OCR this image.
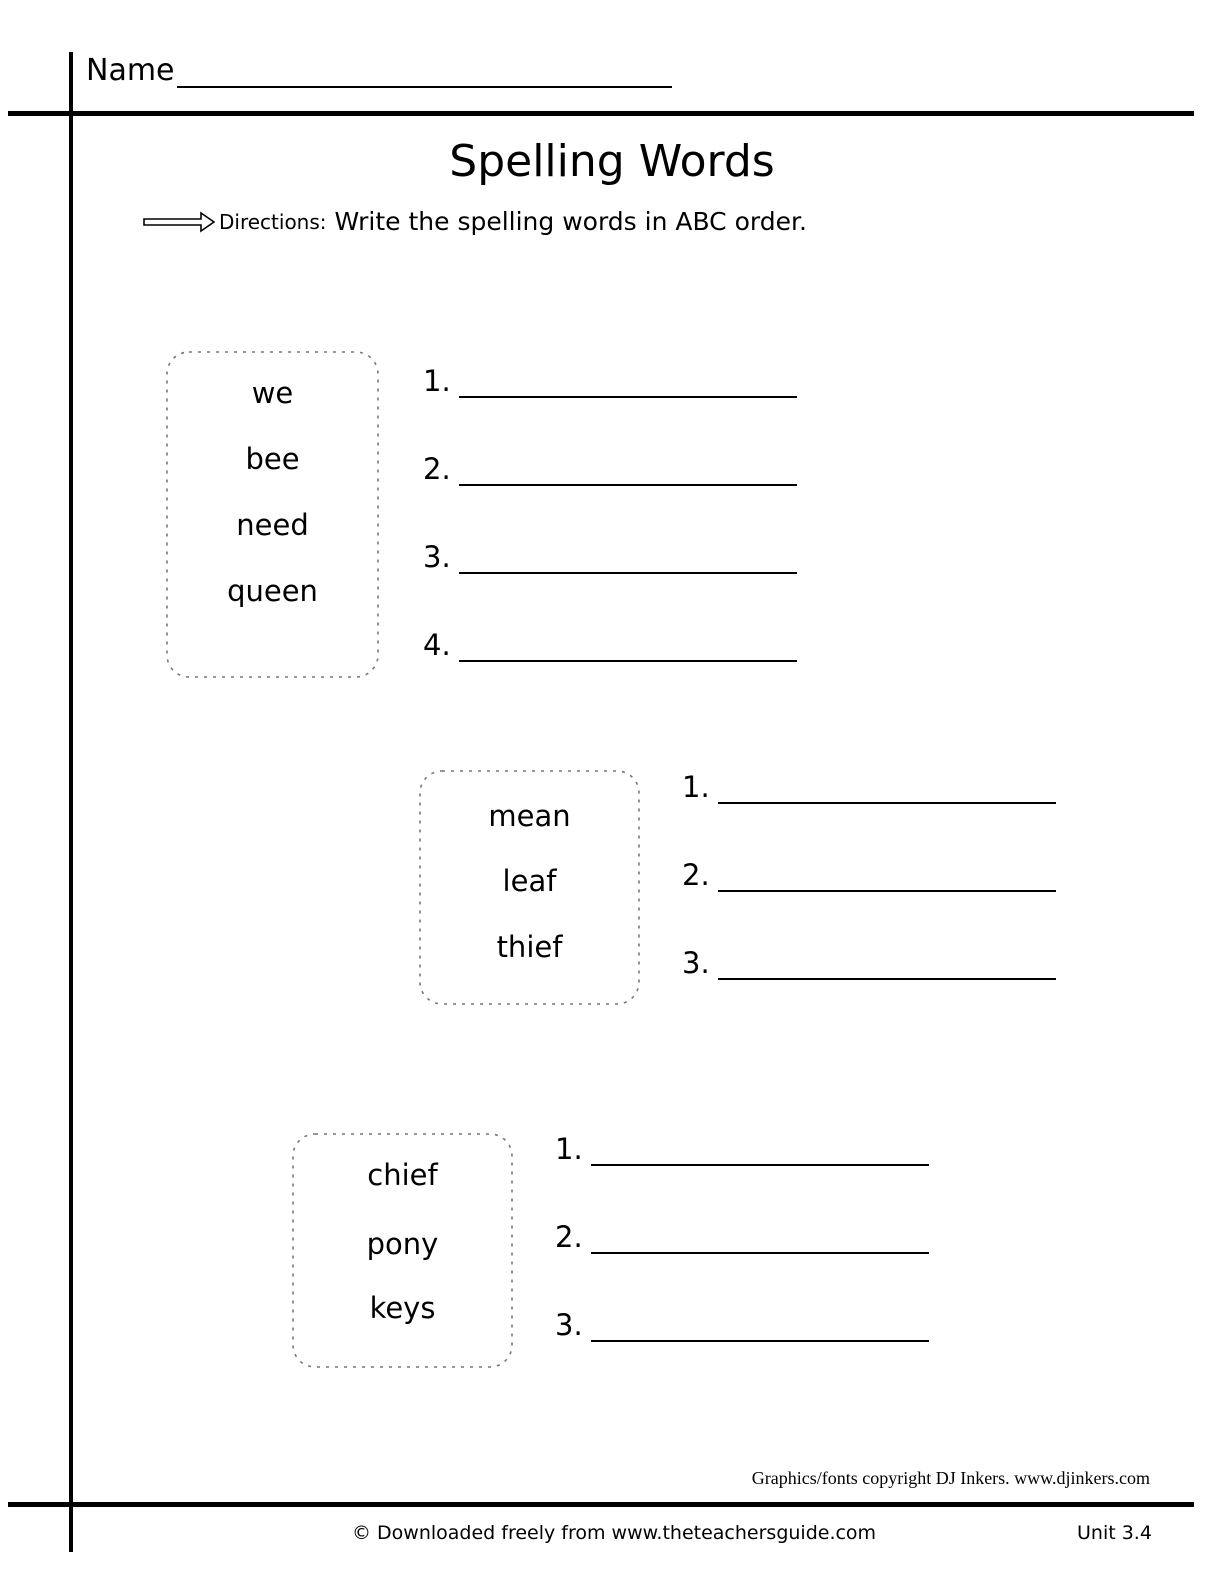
Name
Spelling Words
Directions: Write the spelling words in ABC order.
we
bee
need
queen
1.
2.
3.
4.
mean
leaf
thief
1.
2.
3.
chief
pony
keys
1.
2.
3.
Graphics/fonts copyright DJ Inkers. www.djinkers.com
© Downloaded freely from www.theteachersguide.com	Unit 3.4
